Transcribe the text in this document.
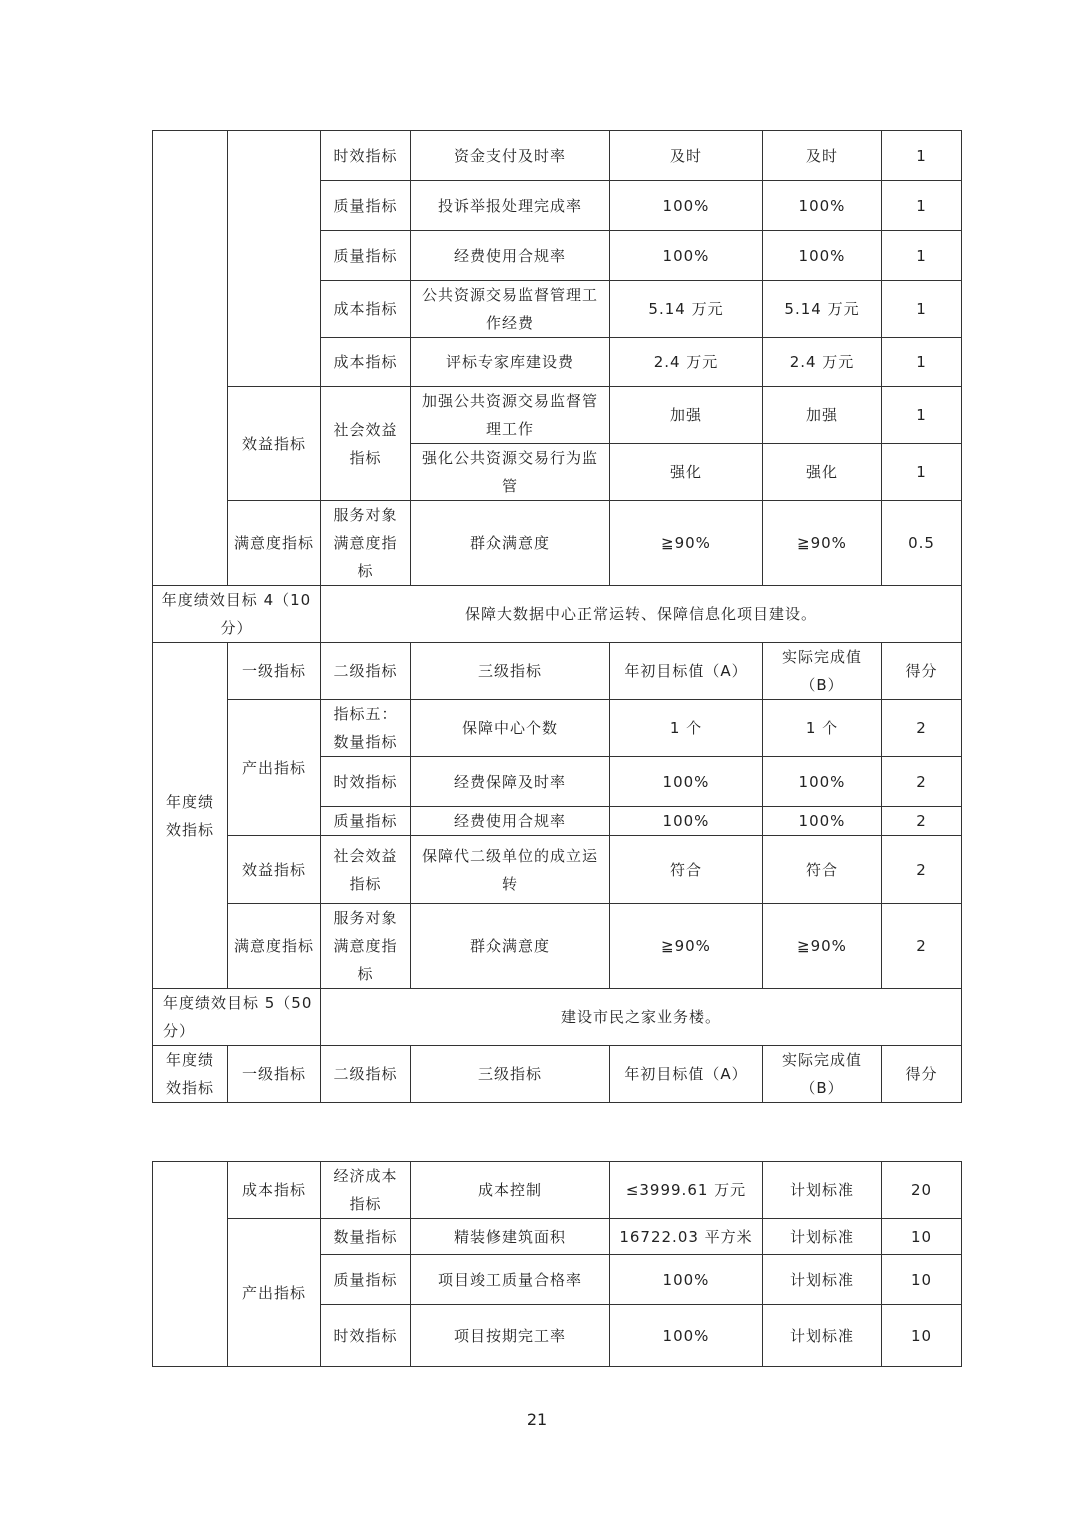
		时效指标	资金支付及时率	及时	及时	1
		质量指标	投诉举报处理完成率	100%	100%	1
		质量指标	经费使用合规率	100%	100%	1
		成本指标	公共资源交易监督管理工作经费	5.14 万元	5.14 万元	1
		成本指标	评标专家库建设费	2.4 万元	2.4 万元	1
	效益指标	社会效益指标	加强公共资源交易监督管理工作	加强	加强	1
			强化公共资源交易行为监管	强化	强化	1
	满意度指标	服务对象满意度指标	群众满意度	≧90%	≧90%	0.5
年度绩效目标 4（10分）		保障大数据中心正常运转、保障信息化项目建设。				
年度绩效指标	一级指标	二级指标	三级指标	年初目标值（A）	实际完成值（B）	得分
	产出指标	指标五：数量指标	保障中心个数	1 个	1 个	2
		时效指标	经费保障及时率	100%	100%	2
		质量指标	经费使用合规率	100%	100%	2
	效益指标	社会效益指标	保障代二级单位的成立运转	符合	符合	2
	满意度指标	服务对象满意度指标	群众满意度	≧90%	≧90%	2
年度绩效目标 5（50分）		建设市民之家业务楼。				
年度绩效指标	一级指标	二级指标	三级指标	年初目标值（A）	实际完成值（B）	得分
	成本指标	经济成本指标	成本控制	≤3999.61 万元	计划标准	20
	产出指标	数量指标	精装修建筑面积	16722.03 平方米	计划标准	10
		质量指标	项目竣工质量合格率	100%	计划标准	10
		时效指标	项目按期完工率	100%	计划标准	10
21
